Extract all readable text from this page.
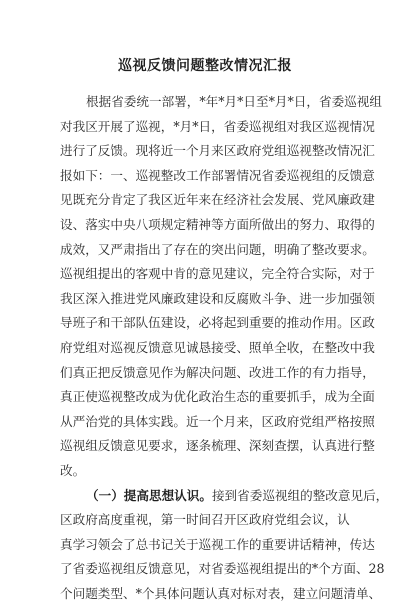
巡视反馈问题整改情况汇报

根据省委统一部署，*年*月*日至*月*日，省委巡视组
对我区开展了巡视，*月*日，省委巡视组对我区巡视情况
进行了反馈。现将近一个月来区政府党组巡视整改情况汇
报如下：一、巡视整改工作部署情况省委巡视组的反馈意
见既充分肯定了我区近年来在经济社会发展、党风廉政建
设、落实中央八项规定精神等方面所做出的努力、取得的
成效，又严肃指出了存在的突出问题，明确了整改要求。
巡视组提出的客观中肯的意见建议，完全符合实际，对于
我区深入推进党风廉政建设和反腐败斗争、进一步加强领
导班子和干部队伍建设，必将起到重要的推动作用。区政
府党组对巡视反馈意见诚恳接受、照单全收，在整改中我
们真正把反馈意见作为解决问题、改进工作的有力指导，
真正使巡视整改成为优化政治生态的重要抓手，成为全面
从严治党的具体实践。近一个月来，区政府党组严格按照
巡视组反馈意见要求，逐条梳理、深刻查摆，认真进行整
改。

（一）提高思想认识。接到省委巡视组的整改意见后，
区政府高度重视，第一时间召开区政府党组会议，认
真学习领会了总书记关于巡视工作的重要讲话精神，传达
了省委巡视组反馈意见，对省委巡视组提出的*个方面、28
个问题类型、*个具体问题认真对标对表，建立问题清单、
